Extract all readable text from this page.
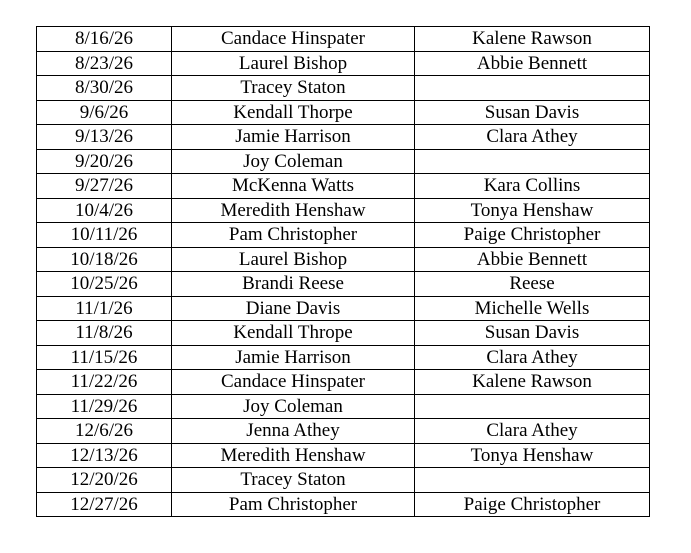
8/16/26	Candace Hinspater	Kalene Rawson
8/23/26	Laurel Bishop	Abbie Bennett
8/30/26	Tracey Staton	
9/6/26	Kendall Thorpe	Susan Davis
9/13/26	Jamie Harrison	Clara Athey
9/20/26	Joy Coleman	
9/27/26	McKenna Watts	Kara Collins
10/4/26	Meredith Henshaw	Tonya Henshaw
10/11/26	Pam Christopher	Paige Christopher
10/18/26	Laurel Bishop	Abbie Bennett
10/25/26	Brandi Reese	Reese
11/1/26	Diane Davis	Michelle Wells
11/8/26	Kendall Thrope	Susan Davis
11/15/26	Jamie Harrison	Clara Athey
11/22/26	Candace Hinspater	Kalene Rawson
11/29/26	Joy Coleman	
12/6/26	Jenna Athey	Clara Athey
12/13/26	Meredith Henshaw	Tonya Henshaw
12/20/26	Tracey Staton	
12/27/26	Pam Christopher	Paige Christopher
